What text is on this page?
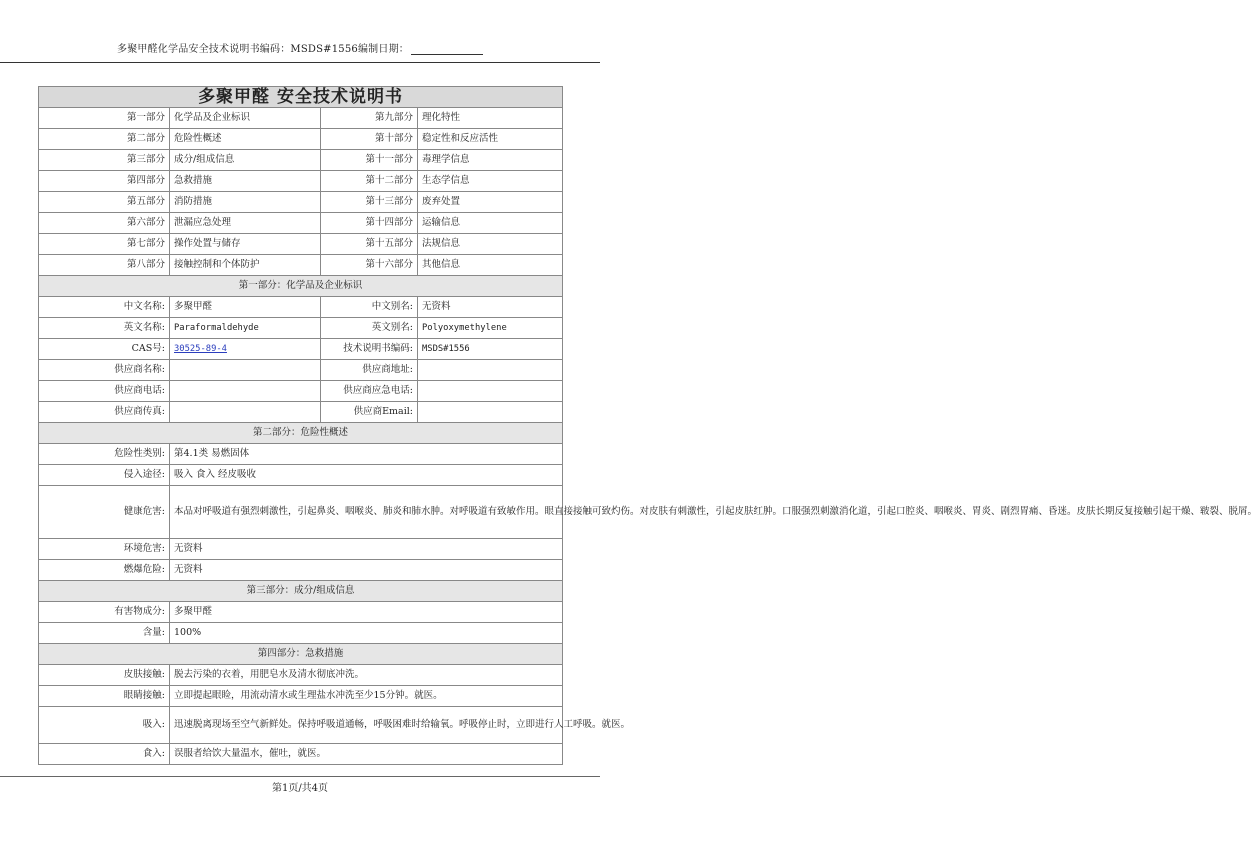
多聚甲醛化学品安全技术说明书编码：MSDS#1556编制日期：
多聚甲醛 安全技术说明书			
第一部分	化学品及企业标识	第九部分	理化特性
第二部分	危险性概述	第十部分	稳定性和反应活性
第三部分	成分/组成信息	第十一部分	毒理学信息
第四部分	急救措施	第十二部分	生态学信息
第五部分	消防措施	第十三部分	废弃处置
第六部分	泄漏应急处理	第十四部分	运输信息
第七部分	操作处置与储存	第十五部分	法规信息
第八部分	接触控制和个体防护	第十六部分	其他信息
第一部分：化学品及企业标识			
中文名称:	多聚甲醛	中文别名:	无资料
英文名称:	Paraformaldehyde	英文别名:	Polyoxymethylene
CAS号:	30525-89-4	技术说明书编码:	MSDS#1556
供应商名称:		供应商地址:	
供应商电话:		供应商应急电话:	
供应商传真:		供应商Email:	
第二部分：危险性概述			
危险性类别:	第4.1类 易燃固体		
侵入途径:	吸入 食入 经皮吸收		
健康危害:	本品对呼吸道有强烈刺激性，引起鼻炎、咽喉炎、肺炎和肺水肿。对呼吸道有致敏作用。眼直接接触可致灼伤。对皮肤有刺激性，引起皮肤红肿。口服强烈刺激消化道，引起口腔炎、咽喉炎、胃炎、剧烈胃痛、昏迷。皮肤长期反复接触引起干燥、皲裂、脱屑。		
环境危害:	无资料		
燃爆危险:	无资料		
第三部分：成分/组成信息			
有害物成分:	多聚甲醛		
含量:	100%		
第四部分：急救措施			
皮肤接触:	脱去污染的衣着，用肥皂水及清水彻底冲洗。		
眼睛接触:	立即提起眼睑，用流动清水或生理盐水冲洗至少15分钟。就医。		
吸入:	迅速脱离现场至空气新鲜处。保持呼吸道通畅，呼吸困难时给输氧。呼吸停止时，立即进行人工呼吸。就医。		
食入:	误服者给饮大量温水，催吐，就医。		
第1页/共4页
